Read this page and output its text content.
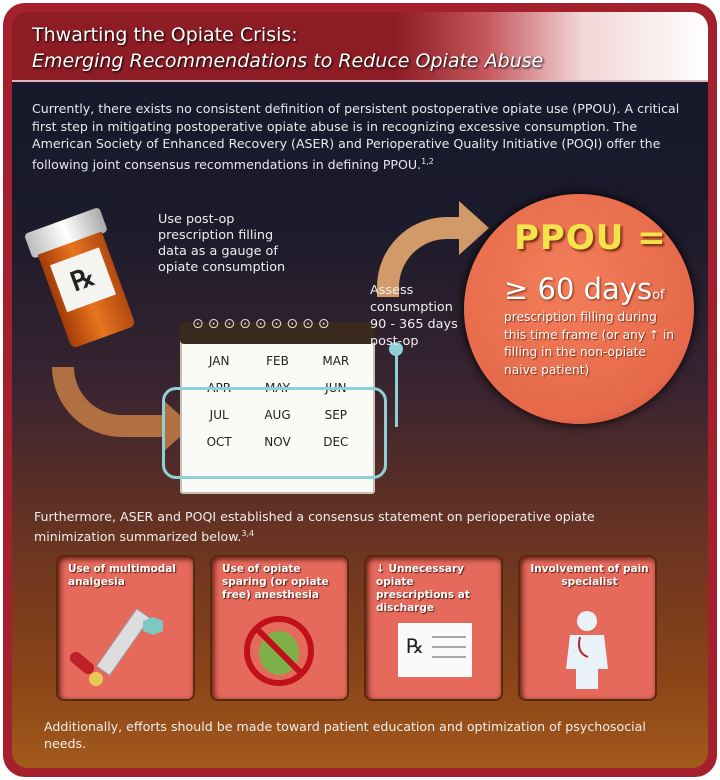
Thwarting the Opiate Crisis:
Emerging Recommendations to Reduce Opiate Abuse
Currently, there exists no consistent definition of persistent postoperative opiate use (PPOU). A critical first step in mitigating postoperative opiate abuse is in recognizing excessive consumption. The American Society of Enhanced Recovery (ASER) and Perioperative Quality Initiative (POQI) offer the following joint consensus recommendations in defining PPOU.$^{1,2}$
℞
Use post-op
prescription filling
data as a gauge of
opiate consumption
⊙⊙⊙⊙⊙⊙⊙⊙⊙
JAN	FEB	MAR
APR	MAY	JUN
JUL	AUG	SEP
OCT	NOV	DEC
Assess
consumption
90 - 365 days
post-op
PPOU =
≥ 60 daysof
prescription filling during this time frame (or any ↑ in filling in the non-opiate naive patient)
Furthermore, ASER and POQI established a consensus statement on perioperative opiate minimization summarized below.$^{3,4}$
Use of multimodal analgesia
Use of opiate sparing (or opiate free) anesthesia
↓ Unnecessary opiate prescriptions at discharge
℞
Involvement of pain specialist
Additionally, efforts should be made toward patient education and optimization of psychosocial needs.
